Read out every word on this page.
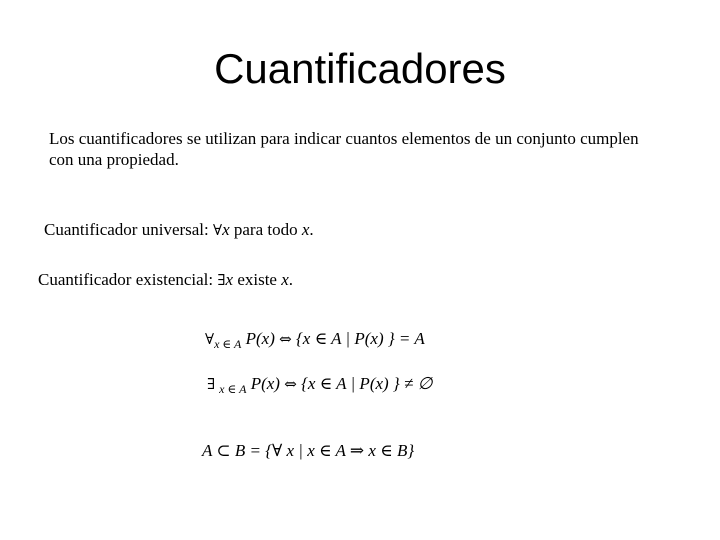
Cuantificadores
Los cuantificadores se utilizan para indicar cuantos elementos de un conjunto cumplen con una propiedad.
Cuantificador universal: ∀x para todo x.
Cuantificador existencial: ∃x existe x.
$\forall_{x \in A}$ P(x) ⇔ {x ∈ A | P(x) } = A
∃ $_{x \in A}$ P(x) ⇔ {x ∈ A | P(x) } ≠ ∅
A ⊂ B = {∀ x | x ∈ A ⇒ x ∈ B}
